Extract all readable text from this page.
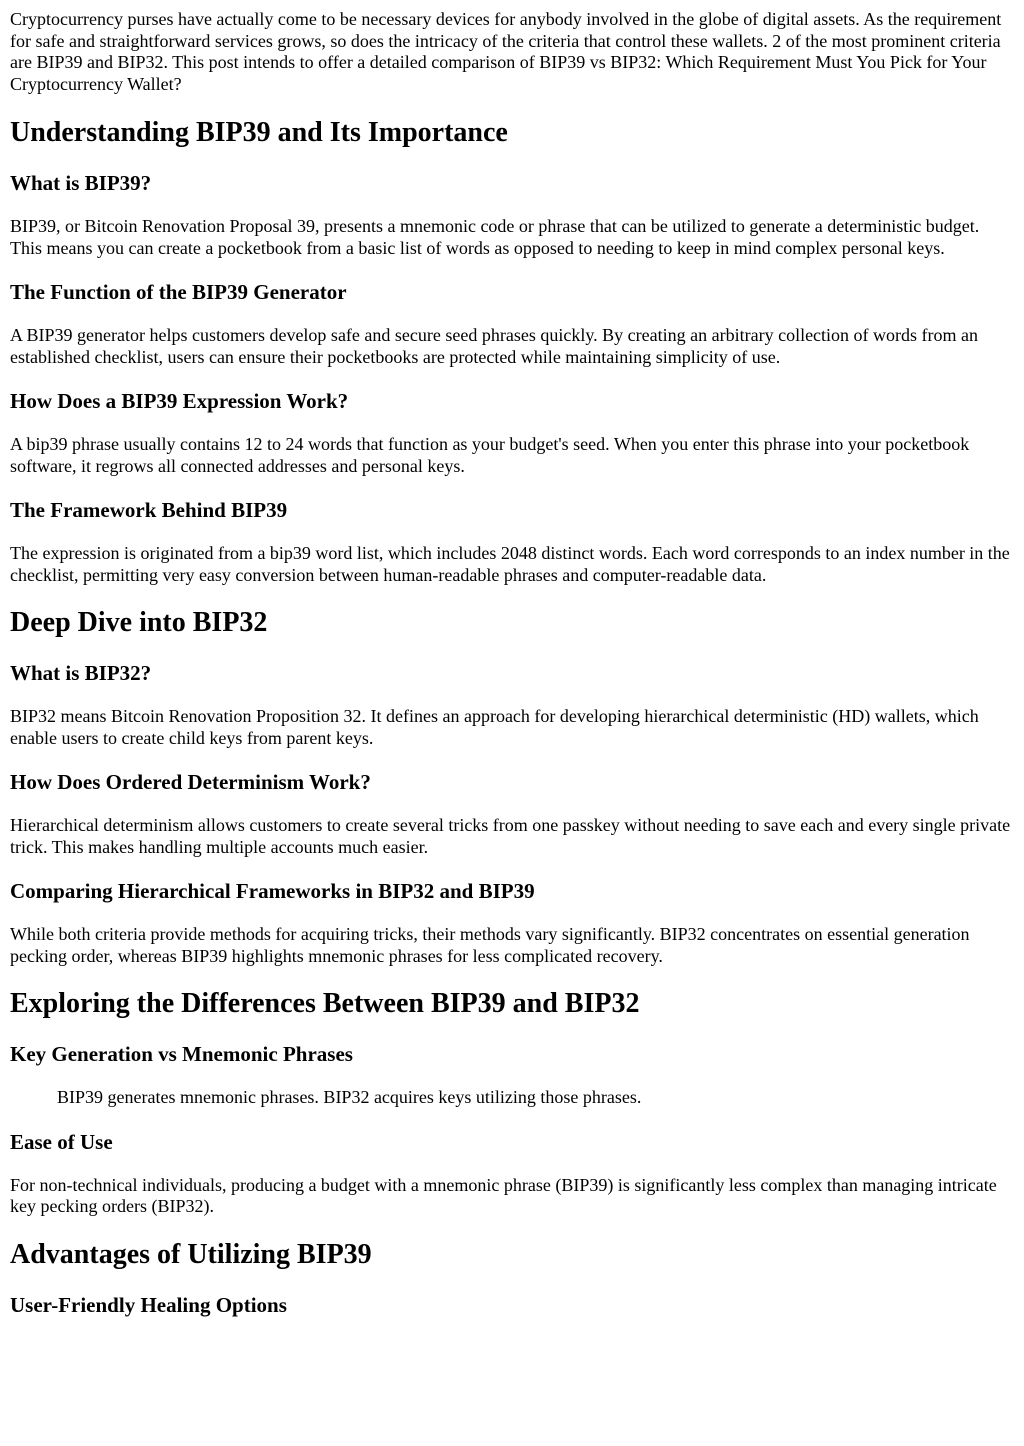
Cryptocurrency purses have actually come to be necessary devices for anybody involved in the globe of digital assets. As the requirement for safe and straightforward services grows, so does the intricacy of the criteria that control these wallets. 2 of the most prominent criteria are BIP39 and BIP32. This post intends to offer a detailed comparison of BIP39 vs BIP32: Which Requirement Must You Pick for Your Cryptocurrency Wallet?

Understanding BIP39 and Its Importance
What is BIP39?

BIP39, or Bitcoin Renovation Proposal 39, presents a mnemonic code or phrase that can be utilized to generate a deterministic budget. This means you can create a pocketbook from a basic list of words as opposed to needing to keep in mind complex personal keys.

The Function of the BIP39 Generator

A BIP39 generator helps customers develop safe and secure seed phrases quickly. By creating an arbitrary collection of words from an established checklist, users can ensure their pocketbooks are protected while maintaining simplicity of use.

How Does a BIP39 Expression Work?

A bip39 phrase usually contains 12 to 24 words that function as your budget's seed. When you enter this phrase into your pocketbook software, it regrows all connected addresses and personal keys.

The Framework Behind BIP39

The expression is originated from a bip39 word list, which includes 2048 distinct words. Each word corresponds to an index number in the checklist, permitting very easy conversion between human-readable phrases and computer-readable data.

Deep Dive into BIP32
What is BIP32?

BIP32 means Bitcoin Renovation Proposition 32. It defines an approach for developing hierarchical deterministic (HD) wallets, which enable users to create child keys from parent keys.

How Does Ordered Determinism Work?

Hierarchical determinism allows customers to create several tricks from one passkey without needing to save each and every single private trick. This makes handling multiple accounts much easier.

Comparing Hierarchical Frameworks in BIP32 and BIP39

While both criteria provide methods for acquiring tricks, their methods vary significantly. BIP32 concentrates on essential generation pecking order, whereas BIP39 highlights mnemonic phrases for less complicated recovery.

Exploring the Differences Between BIP39 and BIP32
Key Generation vs Mnemonic Phrases
BIP39 generates mnemonic phrases. BIP32 acquires keys utilizing those phrases.
Ease of Use

For non-technical individuals, producing a budget with a mnemonic phrase (BIP39) is significantly less complex than managing intricate key pecking orders (BIP32).

Advantages of Utilizing BIP39
User-Friendly Healing Options
